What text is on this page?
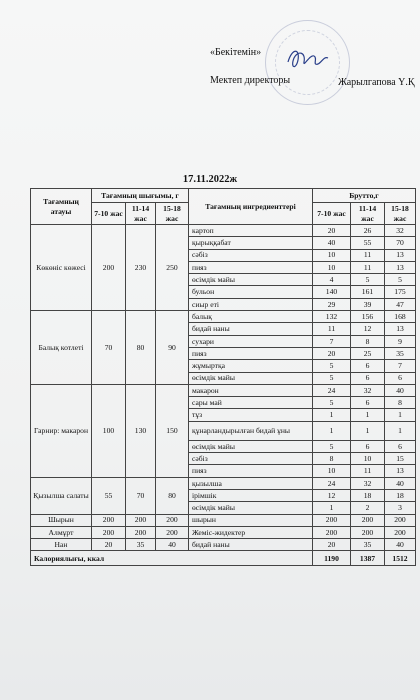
«Бекітемін»
Мектеп директоры	Жарылгапова Ү.Қ
17.11.2022ж
Тағамның атауы	Тағамның шығымы, г			Тағамның ингредиенттері	Брутто,г		
	7-10 жас	11-14 жас	15-18 жас		7-10 жас	11-14 жас	15-18 жас
Көкөніс көжесі	200	230	250	картоп	20	26	32
				қырыққабат	40	55	70
				сәбіз	10	11	13
				пияз	10	11	13
				өсімдік майы	4	5	5
				бульон	140	161	175
				сиыр еті	29	39	47
Балық котлеті	70	80	90	балық	132	156	168
				бидай наны	11	12	13
				сухари	7	8	9
				пияз	20	25	35
				жұмыртқа	5	6	7
				өсімдік майы	5	6	6
Гарнир: макарон	100	130	150	макарон	24	32	40
				сары май	5	6	8
				тұз	1	1	1
				құнарландырылған бидай ұны	1	1	1
				өсімдік майы	5	6	6
				сәбіз	8	10	15
				пияз	10	11	13
Қызылша салаты	55	70	80	қызылша	24	32	40
				ірімшік	12	18	18
				өсімдік майы	1	2	3
Шырын	200	200	200	шырын	200	200	200
Алмұрт	200	200	200	Жеміс-жидектер	200	200	200
Нан	20	35	40	бидай наны	20	35	40
Калориялығы, ккал					1190	1387	1512
